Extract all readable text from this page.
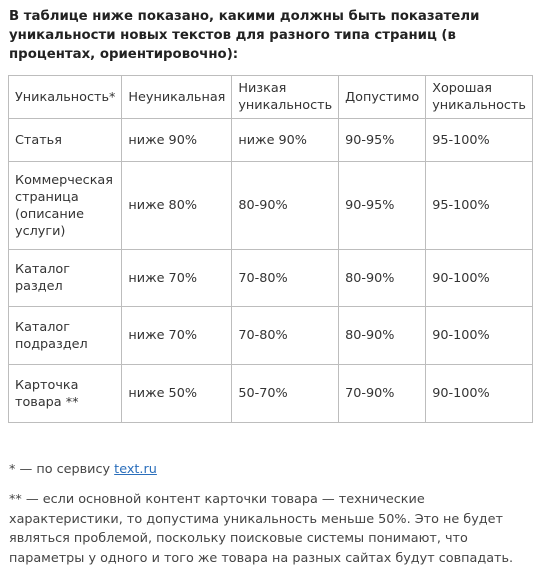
В таблице ниже показано, какими должны быть показатели уникальности новых текстов для разного типа страниц (в процентах, ориентировочно):
Уникальность*	Неуникальная	Низкая уникальность	Допустимо	Хорошая уникальность
Статья	ниже 90%	ниже 90%	90-95%	95-100%
Коммерческая страница (описание услуги)	ниже 80%	80-90%	90-95%	95-100%
Каталог раздел	ниже 70%	70-80%	80-90%	90-100%
Каталог подраздел	ниже 70%	70-80%	80-90%	90-100%
Карточка товара **	ниже 50%	50-70%	70-90%	90-100%
* — по сервису text.ru
** — если основной контент карточки товара — технические характеристики, то допустима уникальность меньше 50%. Это не будет являться проблемой, поскольку поисковые системы понимают, что параметры у одного и того же товара на разных сайтах будут совпадать.
